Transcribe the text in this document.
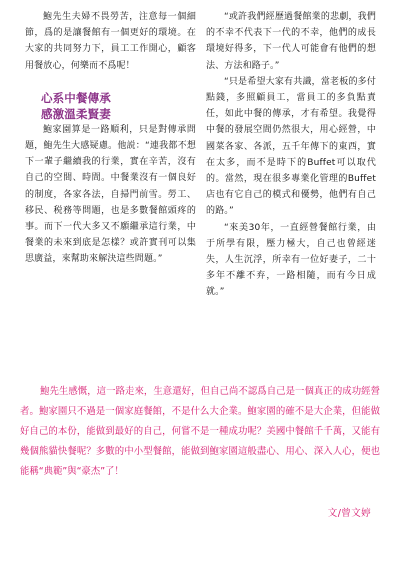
鮑先生夫婦不畏勞苦，注意每一個細節，爲的是讓餐館有一個更好的環境。在大家的共同努力下，員工工作開心，顧客用餐放心，何樂而不爲呢！

心系中餐傳承

感激溫柔賢妻

鮑家園算是一路順利，只是對傳承問題，鮑先生大感疑慮。他説：“連我都不想下一輩子繼續我的行業，實在辛苦，沒有自己的空間、時間。中餐業沒有一個良好的制度，各家各法，自掃門前雪。勞工、移民、税務等問題，也是多數餐館頭疼的事。而下一代大多又不願繼承這行業，中餐業的未來到底是怎樣？或許實刊可以集思廣益，來幫助來解決這些問題。”

“或許我們經歷過餐館業的悲劇，我們的不幸不代表下一代的不幸，他們的成長環境好得多，下一代人可能會有他們的想法、方法和路子。”

“只是希望大家有共識，當老板的多付點錢，多照顧員工，當員工的多負點責任，如此中餐的傳承，才有希望。我覺得中餐的發展空間仍然很大，用心經營，中國菜各家、各派，五千年傳下的東西，實在太多，而不是時下的Buffet可以取代的。當然，現在很多專業化管理的Buffet店也有它自己的模式和優勢，他們有自己的路。”

“來美30年，一直經營餐館行業，由于所學有限，壓力極大，自己也曾經迷失，人生沉浮，所幸有一位好妻子，二十多年不離不弃，一路相隨，而有今日成就。”

鮑先生感慨，這一路走來，生意還好，但自己尚不認爲自己是一個真正的成功經營者。鮑家園只不過是一個家庭餐館，不是什么大企業。鮑家園的確不是大企業，但能做好自己的本份，能做到最好的自己，何嘗不是一種成功呢？美國中餐館千千萬，又能有幾個熊貓快餐呢？多數的中小型餐館，能做到鮑家園這般盡心、用心、深入人心，便也能稱“典範”與“豪杰”了！

文/曾文婷
